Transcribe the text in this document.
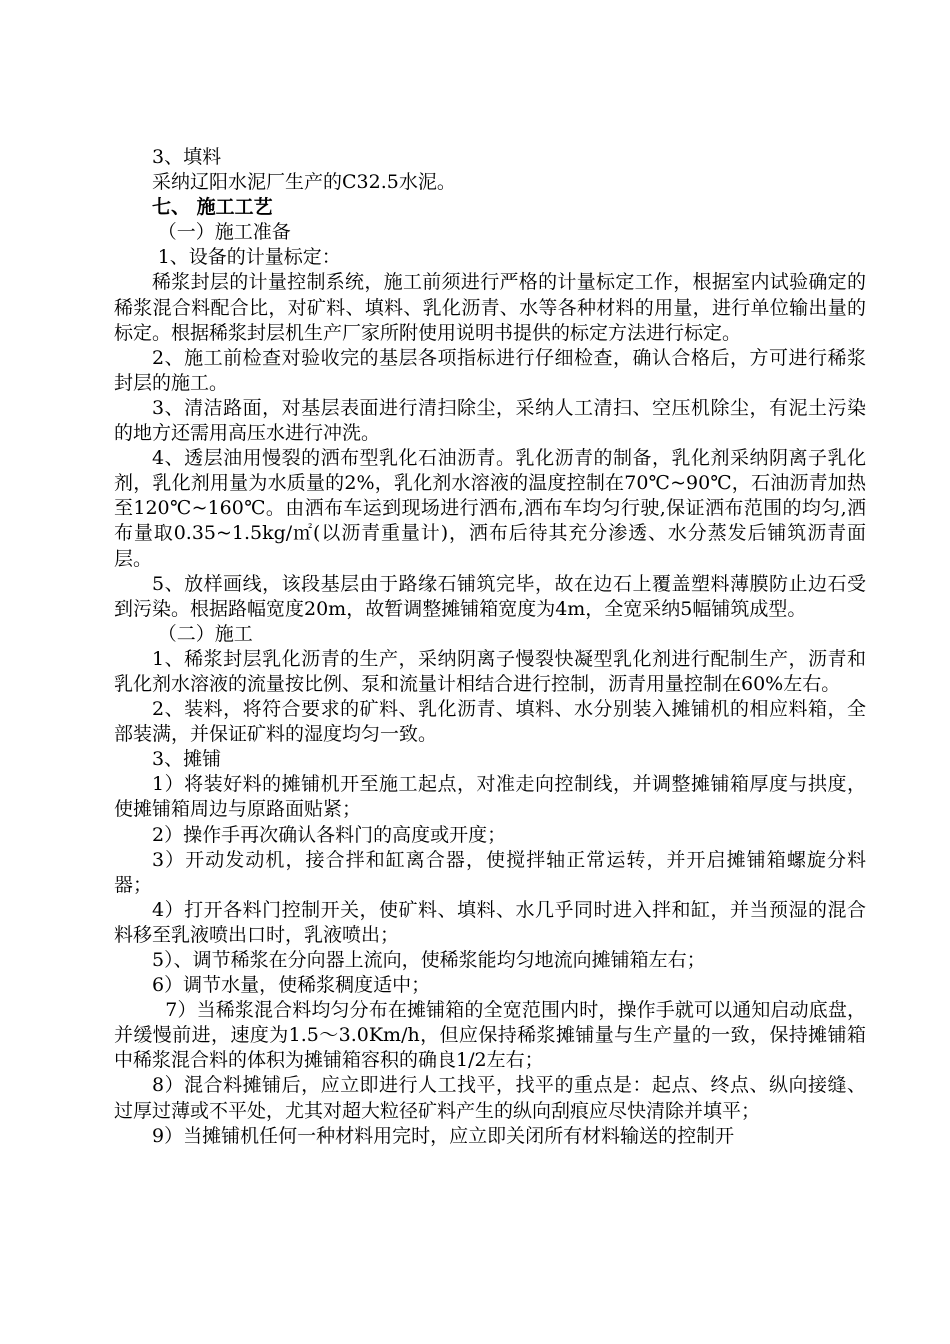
3、填料

采纳辽阳水泥厂生产的C32.5水泥。

七、 施工工艺

（一）施工准备

1、设备的计量标定：

稀浆封层的计量控制系统，施工前须进行严格的计量标定工作，根据室内试验确定的稀浆混合料配合比，对矿料、填料、乳化沥青、水等各种材料的用量，进行单位输出量的标定。根据稀浆封层机生产厂家所附使用说明书提供的标定方法进行标定。

2、施工前检查对验收完的基层各项指标进行仔细检查，确认合格后，方可进行稀浆封层的施工。

3、清洁路面，对基层表面进行清扫除尘，采纳人工清扫、空压机除尘，有泥土污染的地方还需用高压水进行冲洗。

4、透层油用慢裂的洒布型乳化石油沥青。乳化沥青的制备，乳化剂采纳阴离子乳化剂，乳化剂用量为水质量的2%，乳化剂水溶液的温度控制在70℃~90℃，石油沥青加热至120℃~160℃。由洒布车运到现场进行洒布,洒布车均匀行驶,保证洒布范围的均匀,洒布量取0.35~1.5kg/㎡(以沥青重量计)，洒布后待其充分渗透、水分蒸发后铺筑沥青面层。

5、放样画线，该段基层由于路缘石铺筑完毕，故在边石上覆盖塑料薄膜防止边石受到污染。根据路幅宽度20m，故暂调整摊铺箱宽度为4m，全宽采纳5幅铺筑成型。

（二）施工

1、稀浆封层乳化沥青的生产，采纳阴离子慢裂快凝型乳化剂进行配制生产，沥青和乳化剂水溶液的流量按比例、泵和流量计相结合进行控制，沥青用量控制在60%左右。

2、装料，将符合要求的矿料、乳化沥青、填料、水分别装入摊铺机的相应料箱，全部装满，并保证矿料的湿度均匀一致。

3、摊铺

1）将装好料的摊铺机开至施工起点，对准走向控制线，并调整摊铺箱厚度与拱度，使摊铺箱周边与原路面贴紧；

2）操作手再次确认各料门的高度或开度；

3）开动发动机，接合拌和缸离合器，使搅拌轴正常运转，并开启摊铺箱螺旋分料器；

4）打开各料门控制开关，使矿料、填料、水几乎同时进入拌和缸，并当预湿的混合料移至乳液喷出口时，乳液喷出；

5）、调节稀浆在分向器上流向，使稀浆能均匀地流向摊铺箱左右；

6）调节水量，使稀浆稠度适中；

7）当稀浆混合料均匀分布在摊铺箱的全宽范围内时，操作手就可以通知启动底盘，并缓慢前进，速度为1.5～3.0Km/h，但应保持稀浆摊铺量与生产量的一致，保持摊铺箱中稀浆混合料的体积为摊铺箱容积的确良1/2左右；

8）混合料摊铺后，应立即进行人工找平，找平的重点是：起点、终点、纵向接缝、过厚过薄或不平处，尤其对超大粒径矿料产生的纵向刮痕应尽快清除并填平；

9）当摊铺机任何一种材料用完时，应立即关闭所有材料输送的控制开
